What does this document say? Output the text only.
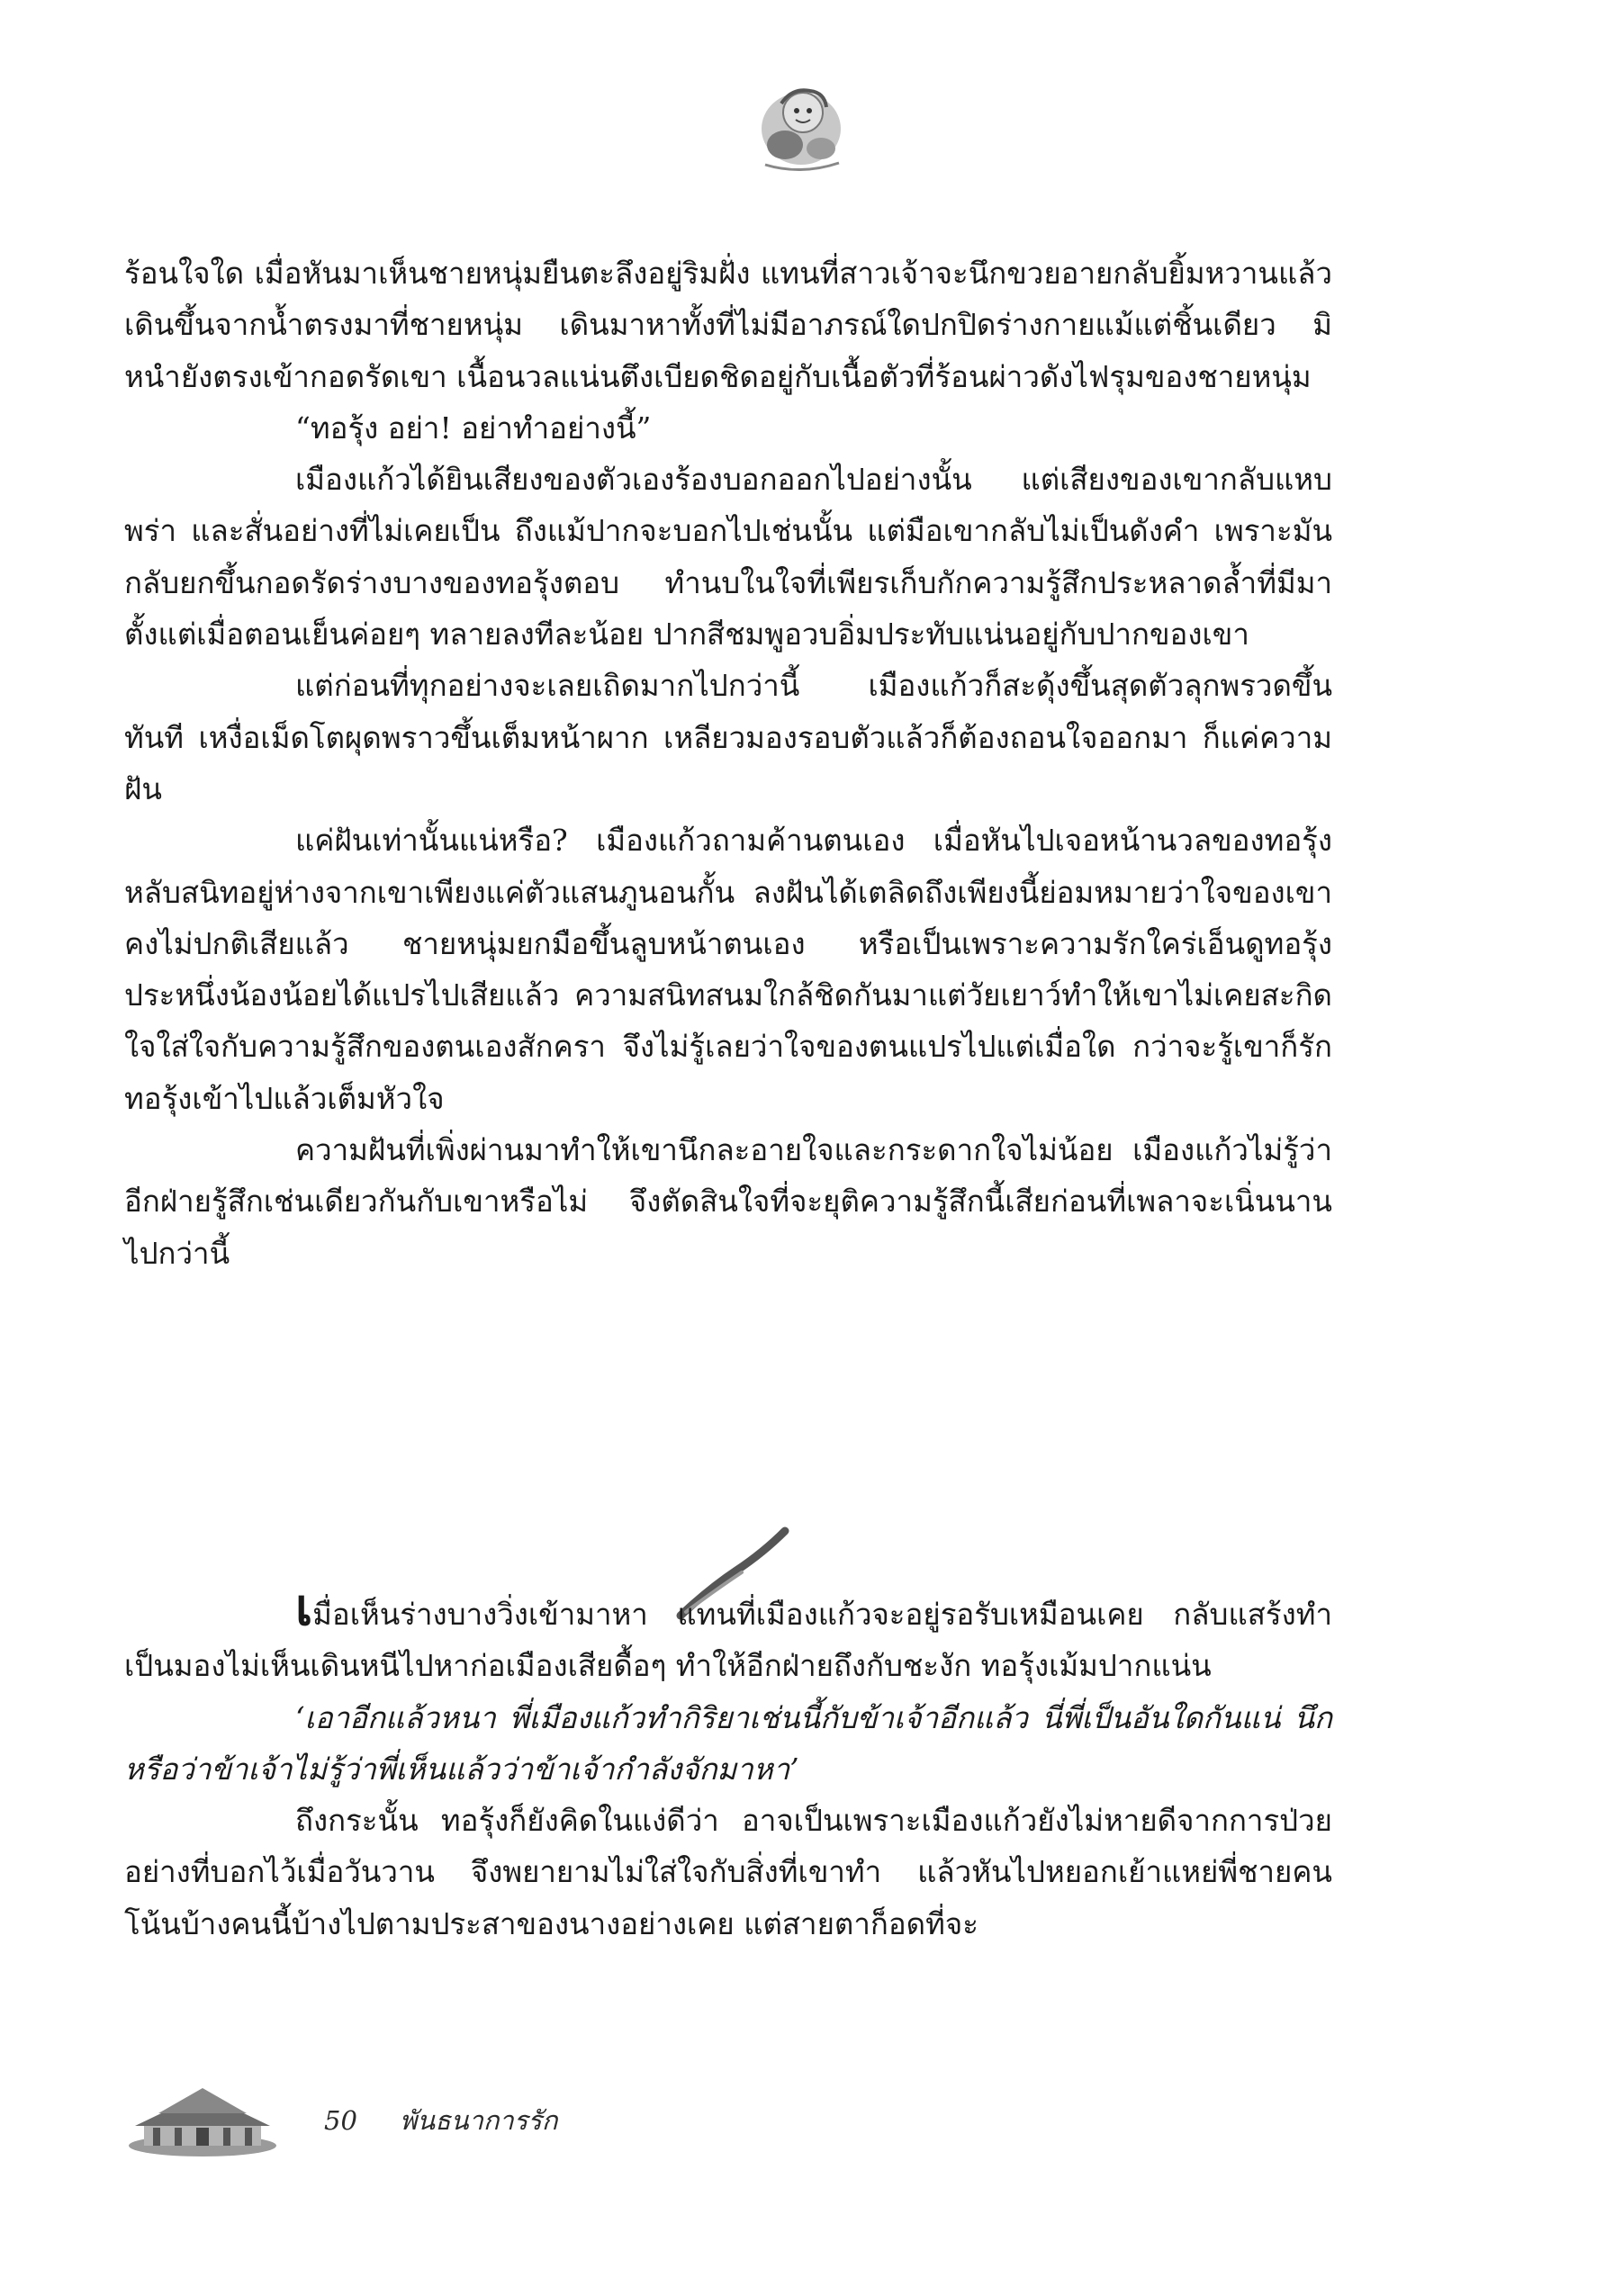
ร้อนใจใด เมื่อหันมาเห็นชายหนุ่มยืนตะลึงอยู่ริมฝั่ง แทนที่สาวเจ้าจะนึกขวยอายกลับยิ้มหวานแล้วเดินขึ้นจากน้ำตรงมาที่ชายหนุ่ม เดินมาหาทั้งที่ไม่มีอาภรณ์ใดปกปิดร่างกายแม้แต่ชิ้นเดียว มิหนำยังตรงเข้ากอดรัดเขา เนื้อนวลแน่นตึงเบียดชิดอยู่กับเนื้อตัวที่ร้อนผ่าวดังไฟรุมของชายหนุ่ม

“ทอรุ้ง อย่า! อย่าทำอย่างนี้”

เมืองแก้วได้ยินเสียงของตัวเองร้องบอกออกไปอย่างนั้น แต่เสียงของเขากลับแหบพร่า และสั่นอย่างที่ไม่เคยเป็น ถึงแม้ปากจะบอกไปเช่นนั้น แต่มือเขากลับไม่เป็นดังคำ เพราะมันกลับยกขึ้นกอดรัดร่างบางของทอรุ้งตอบ ทำนบในใจที่เพียรเก็บกักความรู้สึกประหลาดล้ำที่มีมาตั้งแต่เมื่อตอนเย็นค่อยๆ ทลายลงทีละน้อย ปากสีชมพูอวบอิ่มประทับแน่นอยู่กับปากของเขา

แต่ก่อนที่ทุกอย่างจะเลยเถิดมากไปกว่านี้ เมืองแก้วก็สะดุ้งขึ้นสุดตัวลุกพรวดขึ้นทันที เหงื่อเม็ดโตผุดพราวขึ้นเต็มหน้าผาก เหลียวมองรอบตัวแล้วก็ต้องถอนใจออกมา ก็แค่ความฝัน

แค่ฝันเท่านั้นแน่หรือ? เมืองแก้วถามค้านตนเอง เมื่อหันไปเจอหน้านวลของทอรุ้งหลับสนิทอยู่ห่างจากเขาเพียงแค่ตัวแสนภูนอนกั้น ลงฝันได้เตลิดถึงเพียงนี้ย่อมหมายว่าใจของเขาคงไม่ปกติเสียแล้ว ชายหนุ่มยกมือขึ้นลูบหน้าตนเอง หรือเป็นเพราะความรักใคร่เอ็นดูทอรุ้งประหนึ่งน้องน้อยได้แปรไปเสียแล้ว ความสนิทสนมใกล้ชิดกันมาแต่วัยเยาว์ทำให้เขาไม่เคยสะกิดใจใส่ใจกับความรู้สึกของตนเองสักครา จึงไม่รู้เลยว่าใจของตนแปรไปแต่เมื่อใด กว่าจะรู้เขาก็รักทอรุ้งเข้าไปแล้วเต็มหัวใจ

ความฝันที่เพิ่งผ่านมาทำให้เขานึกละอายใจและกระดากใจไม่น้อย เมืองแก้วไม่รู้ว่าอีกฝ่ายรู้สึกเช่นเดียวกันกับเขาหรือไม่ จึงตัดสินใจที่จะยุติความรู้สึกนี้เสียก่อนที่เพลาจะเนิ่นนานไปกว่านี้

เมื่อเห็นร่างบางวิ่งเข้ามาหา แทนที่เมืองแก้วจะอยู่รอรับเหมือนเคย กลับแสร้งทำเป็นมองไม่เห็นเดินหนีไปหาก่อเมืองเสียดื้อๆ ทำให้อีกฝ่ายถึงกับชะงัก ทอรุ้งเม้มปากแน่น

‘เอาอีกแล้วหนา พี่เมืองแก้วทำกิริยาเช่นนี้กับข้าเจ้าอีกแล้ว นี่พี่เป็นอันใดกันแน่ นึกหรือว่าข้าเจ้าไม่รู้ว่าพี่เห็นแล้วว่าข้าเจ้ากำลังจักมาหา’

ถึงกระนั้น ทอรุ้งก็ยังคิดในแง่ดีว่า อาจเป็นเพราะเมืองแก้วยังไม่หายดีจากการป่วยอย่างที่บอกไว้เมื่อวันวาน จึงพยายามไม่ใส่ใจกับสิ่งที่เขาทำ แล้วหันไปหยอกเย้าแหย่พี่ชายคนโน้นบ้างคนนี้บ้างไปตามประสาของนางอย่างเคย แต่สายตาก็อดที่จะ

50 พันธนาการรัก
